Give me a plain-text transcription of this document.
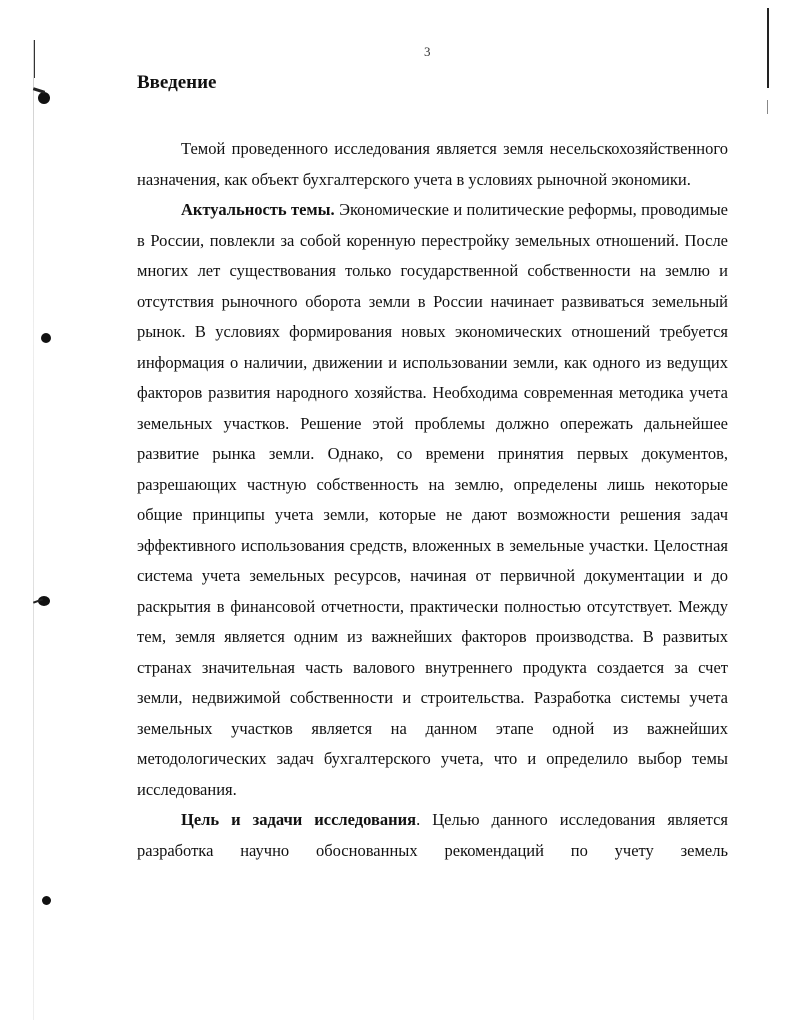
3
Введение

Темой проведенного исследования является земля несельскохозяйственного назначения, как объект бухгалтерского учета в условиях рыночной экономики.

Актуальность темы. Экономические и политические реформы, проводимые в России, повлекли за собой коренную перестройку земельных отношений. После многих лет существования только государственной собственности на землю и отсутствия рыночного оборота земли в России начинает развиваться земельный рынок. В условиях формирования новых экономических отношений требуется информация о наличии, движении и использовании земли, как одного из ведущих факторов развития народного хозяйства. Необходима современная методика учета земельных участков. Решение этой проблемы должно опережать дальнейшее развитие рынка земли. Однако, со времени принятия первых документов, разрешающих частную собственность на землю, определены лишь некоторые общие принципы учета земли, которые не дают возможности решения задач эффективного использования средств, вложенных в земельные участки. Целостная система учета земельных ресурсов, начиная от первичной документации и до раскрытия в финансовой отчетности, практически полностью отсутствует. Между тем, земля является одним из важнейших факторов производства. В развитых странах значительная часть валового внутреннего продукта создается за счет земли, недвижимой собственности и строительства. Разработка системы учета земельных участков является на данном этапе одной из важнейших методологических задач бухгалтерского учета, что и определило выбор темы исследования.

Цель и задачи исследования. Целью данного исследования является разработка научно обоснованных рекомендаций по учету земель
